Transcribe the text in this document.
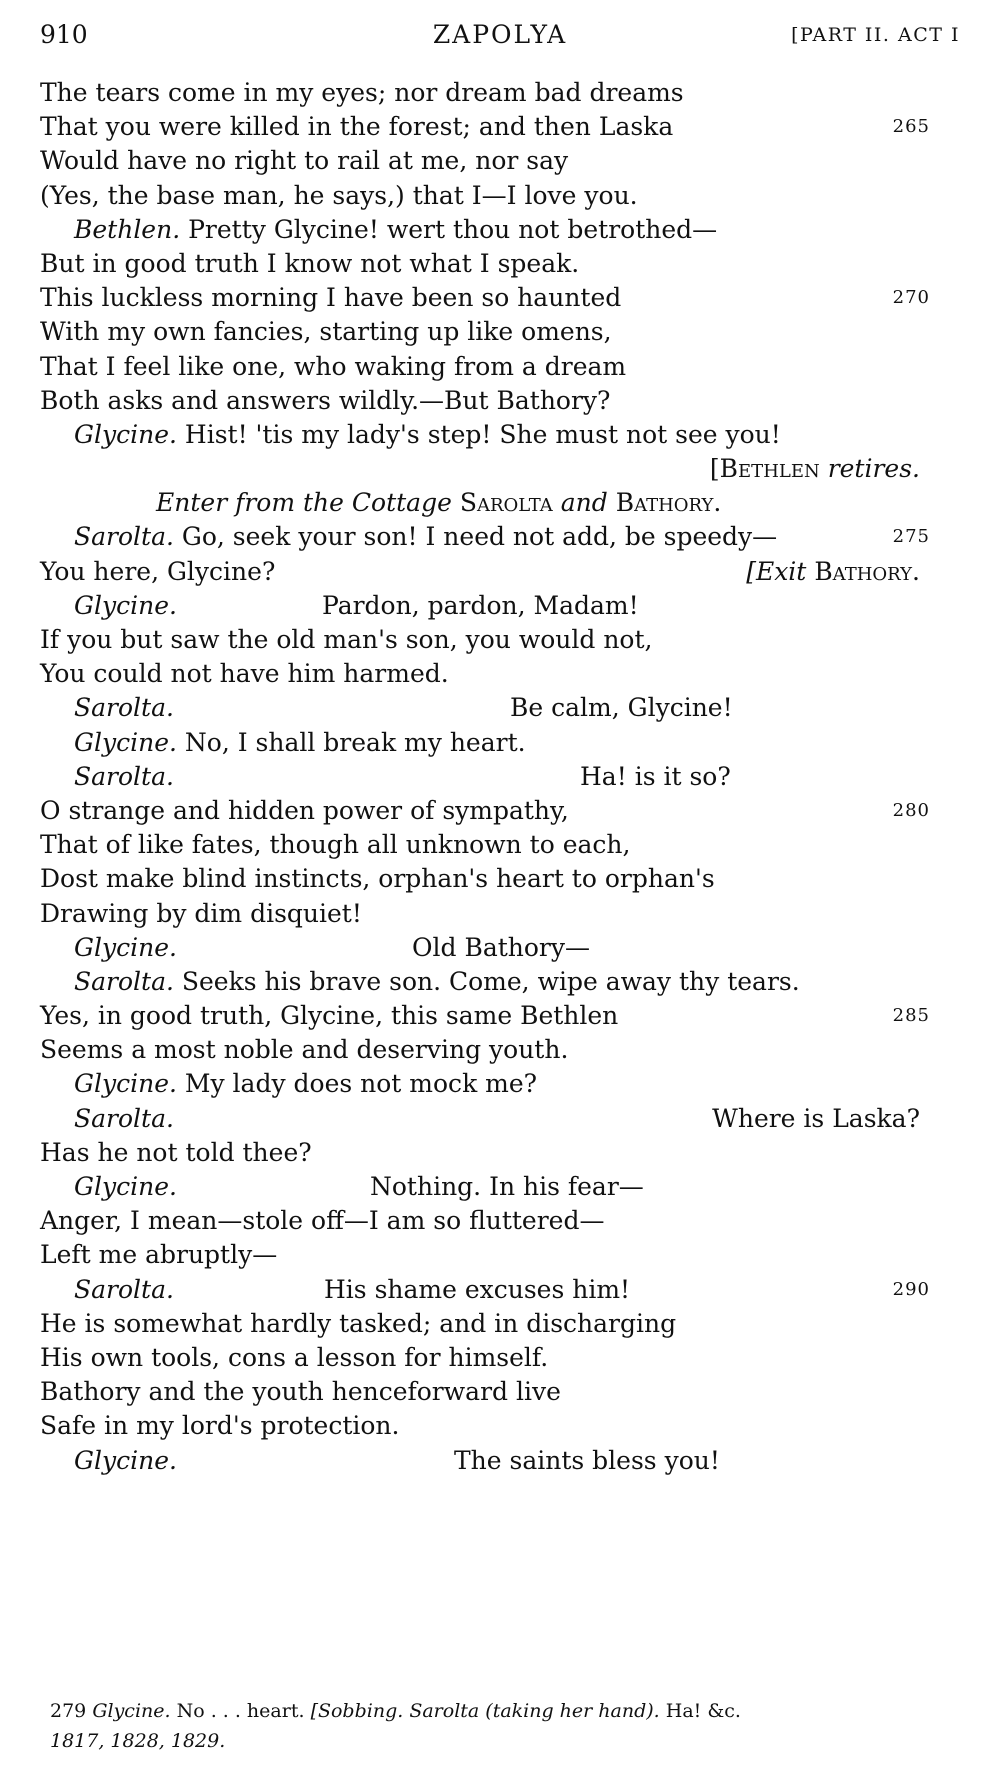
910	ZAPOLYA	[PART II. ACT I
The tears come in my eyes; nor dream bad dreams
That you were killed in the forest; and then Laska	265
Would have no right to rail at me, nor say
(Yes, the base man, he says,) that I—I love you.
Bethlen. Pretty Glycine! wert thou not betrothed—
But in good truth I know not what I speak.
This luckless morning I have been so haunted	270
With my own fancies, starting up like omens,
That I feel like one, who waking from a dream
Both asks and answers wildly.—But Bathory?
Glycine. Hist! 'tis my lady's step! She must not see you!
[Bethlen retires.
Enter from the Cottage Sarolta and Bathory.
Sarolta. Go, seek your son! I need not add, be speedy—	275
You here, Glycine?	[Exit Bathory.
Glycine.	Pardon, pardon, Madam!
If you but saw the old man's son, you would not,
You could not have him harmed.
Sarolta.	Be calm, Glycine!
Glycine. No, I shall break my heart.
Sarolta.	Ha! is it so?
O strange and hidden power of sympathy,	280
That of like fates, though all unknown to each,
Dost make blind instincts, orphan's heart to orphan's
Drawing by dim disquiet!
Glycine.	Old Bathory—
Sarolta. Seeks his brave son. Come, wipe away thy tears.
Yes, in good truth, Glycine, this same Bethlen	285
Seems a most noble and deserving youth.
Glycine. My lady does not mock me?
Sarolta.	Where is Laska?
Has he not told thee?
Glycine.	Nothing. In his fear—
Anger, I mean—stole off—I am so fluttered—
Left me abruptly—
Sarolta.	His shame excuses him!	290
He is somewhat hardly tasked; and in discharging
His own tools, cons a lesson for himself.
Bathory and the youth henceforward live
Safe in my lord's protection.
Glycine.	The saints bless you!
279 Glycine. No . . . heart. [Sobbing. Sarolta (taking her hand). Ha! &c.
1817, 1828, 1829.
